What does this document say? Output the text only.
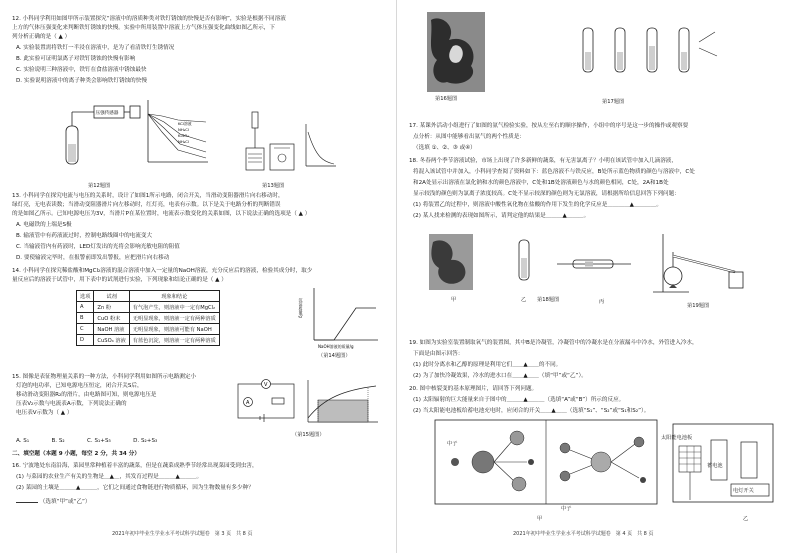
12. 小科同学利用如图甲所示装置探究“溶液中的溶质种类对铁钉锈蚀的快慢是否有影响”，实验是根据不同溶液
上方的气体压强变化来判断铁钉锈蚀的快慢。实验中所用装置中溶液上方气体压强变化曲线如图乙所示，下
列分析正确的是（ ▲ ）
A. 实验装置需将铁钉一半浸在溶液中，是为了看清铁钉生锈情况
B. 此实验可证明氯离子对铁钉锈蚀的快慢有影响
C. 实验说明三种溶液中，铁钉在食盐溶液中锈蚀最快
D. 实验说明溶液中的离子种类会影响铁钉锈蚀的快慢
压强传感器
KCl溶液
NH₄Cl
K₂SO₄
NH₄Cl
第12题图	第13题图
13. 小科同学在探究电流与电压的关系时，设计了如图1所示电路，闭合开关，当滑动变阻器滑片向右移动时，
绿灯亮，无电表读数；当滑动变阻器滑片向左移动时，红灯亮，电表有示数。以下是关于电路分析的判断错误
的是如图乙所示。已知电源电压为3V，当滑片P在某位置时，电流表示数变化的关系如图，以下说法正确的选项是（ ▲ ）
A. 电磁铁的上端是S极
B. 输液管中有药液流过时，控制电路线圈中的电流变大
C. 当输液管内有药液时，LED灯发出的光将会影响光敏电阻的阻值
D. 要使输液完毕时，在报警前即发出警报，应把滑片向右移动
14. 小科同学在探究稀盐酸和MgCl₂溶液的混合溶液中加入一定量的NaOH溶液，充分反应后的溶液，检验其成分时，取少
量反应后的溶液于试管中，用下表中的试剂进行实验，下列现象和结论正确的是（ ▲ ）
选项	试剂	现象和结论
A	Zn 粉	有气泡产生，则溶液中一定有MgCl₂
B	CuO 粉末	无明显现象，则溶液一定有两种溶质
C	NaOH 溶液	无明显现象，则溶液可能有 NaOH
D	CuSO₄ 溶液	有蓝色沉淀，则溶液一定有两种溶质
沉淀质量/g
NaOH溶液的质量/g
（第14题图）
15. 图像是表征物理量关系的一种方法，小科同学利用如图所示电路测定小
灯泡的电功率，已知电源电压恒定，闭合开关S后，
移动滑动变阻器R₂的滑片，由电路图可知，则电源电压是
压表V₂示数与电流表A示数，下列说法正确的
电压表V示数为（ ▲ ）
A
V
（第15题图）
A. S₁　　　　B. S₂　　　　C. S₁+S₃　　　　D. S₂+S₃
二、填空题（本题 9 小题，每空 2 分，共 34 分）
16. 宁波地处东南沿海，菜园里常种植着丰富的蔬菜，但是在蔬菜成熟季节经常出现菜园受到虫害，
(1) 与菜园的农业生产有关的生物是＿▲＿，其发育过程是＿＿＿▲＿＿＿。
(2) 菜园的土壤是＿＿＿▲＿＿＿，它们之间通过食物链进行物质循环，因为生物数量有多少种？
（选填“甲”或“乙”）
2021年初中毕业生学业水平考试科学试题卷　第 3 页　共 8 页
第16题图	第17题图
17. 某课外活动小组进行了如图的氨气检验实验，按从左至右的顺序操作，小组中的序号是这一步的操作或观察要
点分析：从图中能够看出氨气的两个性质是：
（选填 ①、②、③ 或④）
18. 冬春两个季节溶液试验，市场上出现了许多新鲜的蔬菜，有无害氯离子？小明在该试管中加入几滴溶液，
将混入该试管中并加入，小科同学查阅了资料如下：蓝色溶液不与铁反应，B处所示蓝色物质的颜色与溶液中，C处
和2A处显示出溶液在氯化钠和水的颜色溶液中，C处和1B处溶液颜色与水的颜色相同，C处，2A和1B处
显示较浅的颜色则为氯离子浓度较高。C处不显示较深的颜色则为无氯溶液，请根据所给信息回答下列问题：
(1) 将装置乙的过程中，则溶液中酸性氧化物在盐酸的作用下发生的化学反应是＿＿＿＿▲＿＿＿＿。
(2) 某人找来检测的表现如图所示，请判定他的结果是＿＿＿▲＿＿＿。
甲	乙 第18题图	丙
第19题图
19. 如图为实验室装置制取氧气的装置图，其中B是冷凝管，冷凝管中的冷凝水是在分液漏斗中冷水，外管进入冷水，
下面是由图示回答：
(1) 此时分离水和乙醇的原理是利用它们＿＿▲＿＿的不同。
(2) 为了加快冷凝效果，冷水的进水口在＿＿▲＿＿（填“甲”或“乙”）。
20. 图中核裂变的基本原理图片，请回答下列问题。
(1) 太阳辐射的巨大能量来自于图中的＿＿＿▲＿＿＿（选填“A”或“B”）所示的反应。
(2) 当太阳能电池板给蓄电池充电时，应闭合的开关＿＿▲＿＿（选填“S₁”、“S₂”或“S₁和S₂”）。
中子
中子
太阳能电池板
蓄电池
电灯开关
甲	乙
2021年初中毕业生学业水平考试科学试题卷　第 4 页　共 8 页
